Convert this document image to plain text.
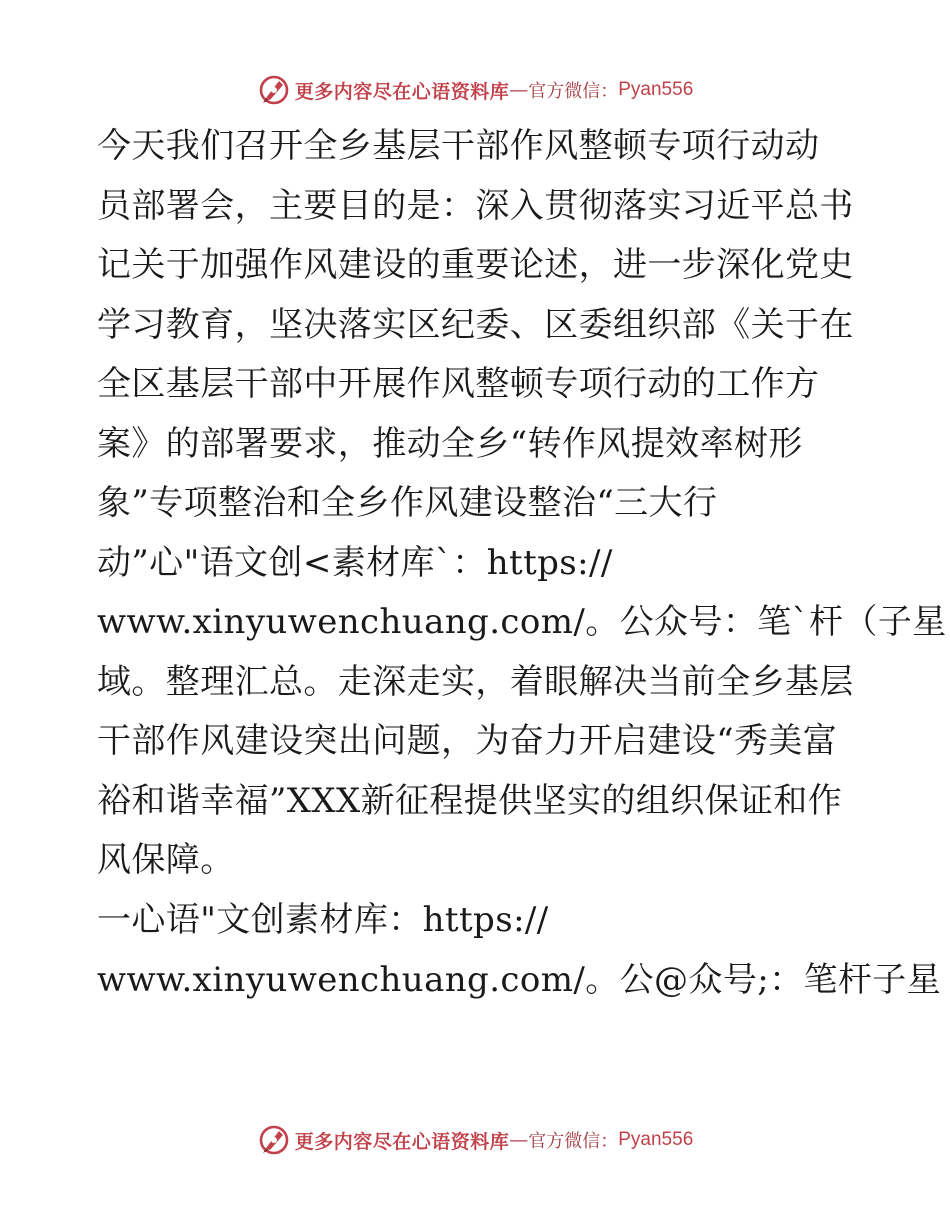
更多内容尽在心语资料库 — 官方微信： Pyan556
今天我们召开全乡基层干部作风整顿专项行动动
员部署会，主要目的是：深入贯彻落实习近平总书
记关于加强作风建设的重要论述，进一步深化党史
学习教育，坚决落实区纪委、区委组织部《关于在
全区基层干部中开展作风整顿专项行动的工作方
案》的部署要求，推动全乡“转作风提效率树形
象”专项整治和全乡作风建设整治“三大行
动”心"语文创<素材库`：https://
www.xinyuwenchuang.com/。公众号：笔`杆（子星
域。整理汇总。走深走实，着眼解决当前全乡基层
干部作风建设突出问题，为奋力开启建设“秀美富
裕和谐幸福”XXX新征程提供坚实的组织保证和作
风保障。
一心语"文创素材库：https://
www.xinyuwenchuang.com/。公@众号;：笔杆子星
更多内容尽在心语资料库 — 官方微信： Pyan556
